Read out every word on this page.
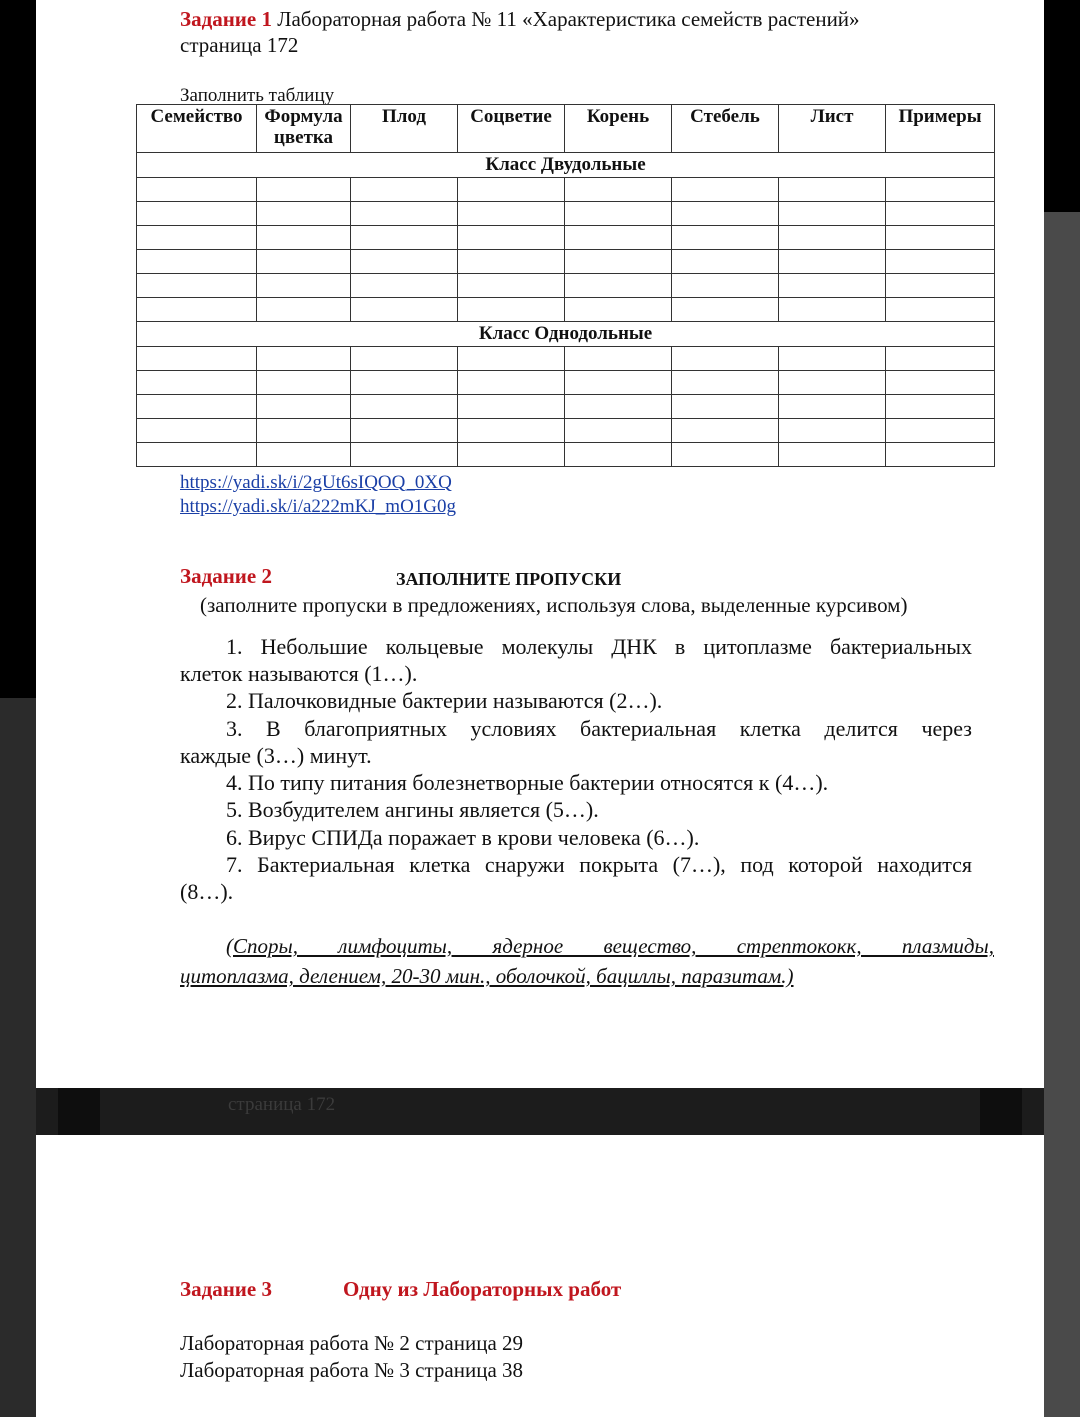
Задание 1 Лабораторная работа № 11 «Характеристика семейств растений»
страница 172
Заполнить таблицу
Семейство	Формула цветка	Плод	Соцветие	Корень	Стебель	Лист	Примеры
Класс Двудольные							

Класс Однодольные							

https://yadi.sk/i/2gUt6sIQOQ_0XQ
https://yadi.sk/i/a222mKJ_mO1G0g
Задание 2	ЗАПОЛНИТЕ ПРОПУСКИ
(заполните пропуски в предложениях, используя слова, выделенные курсивом)
1. Небольшие кольцевые молекулы ДНК в цитоплазме бактериальных
клеток называются (1…).
2. Палочковидные бактерии называются (2…).
3. В благоприятных условиях бактериальная клетка делится через
каждые (3…) минут.
4. По типу питания болезнетворные бактерии относятся к (4…).
5. Возбудителем ангины является (5…).
6. Вирус СПИДа поражает в крови человека (6…).
7. Бактериальная клетка снаружи покрыта (7…), под которой находится
(8…).
(Споры, лимфоциты, ядерное вещество, стрептококк, плазмиды,
цитоплазма, делением, 20-30 мин., оболочкой, бациллы, паразитам.)
страница 172
Задание 3	Одну из Лабораторных работ
Лабораторная работа № 2 страница 29
Лабораторная работа № 3 страница 38
